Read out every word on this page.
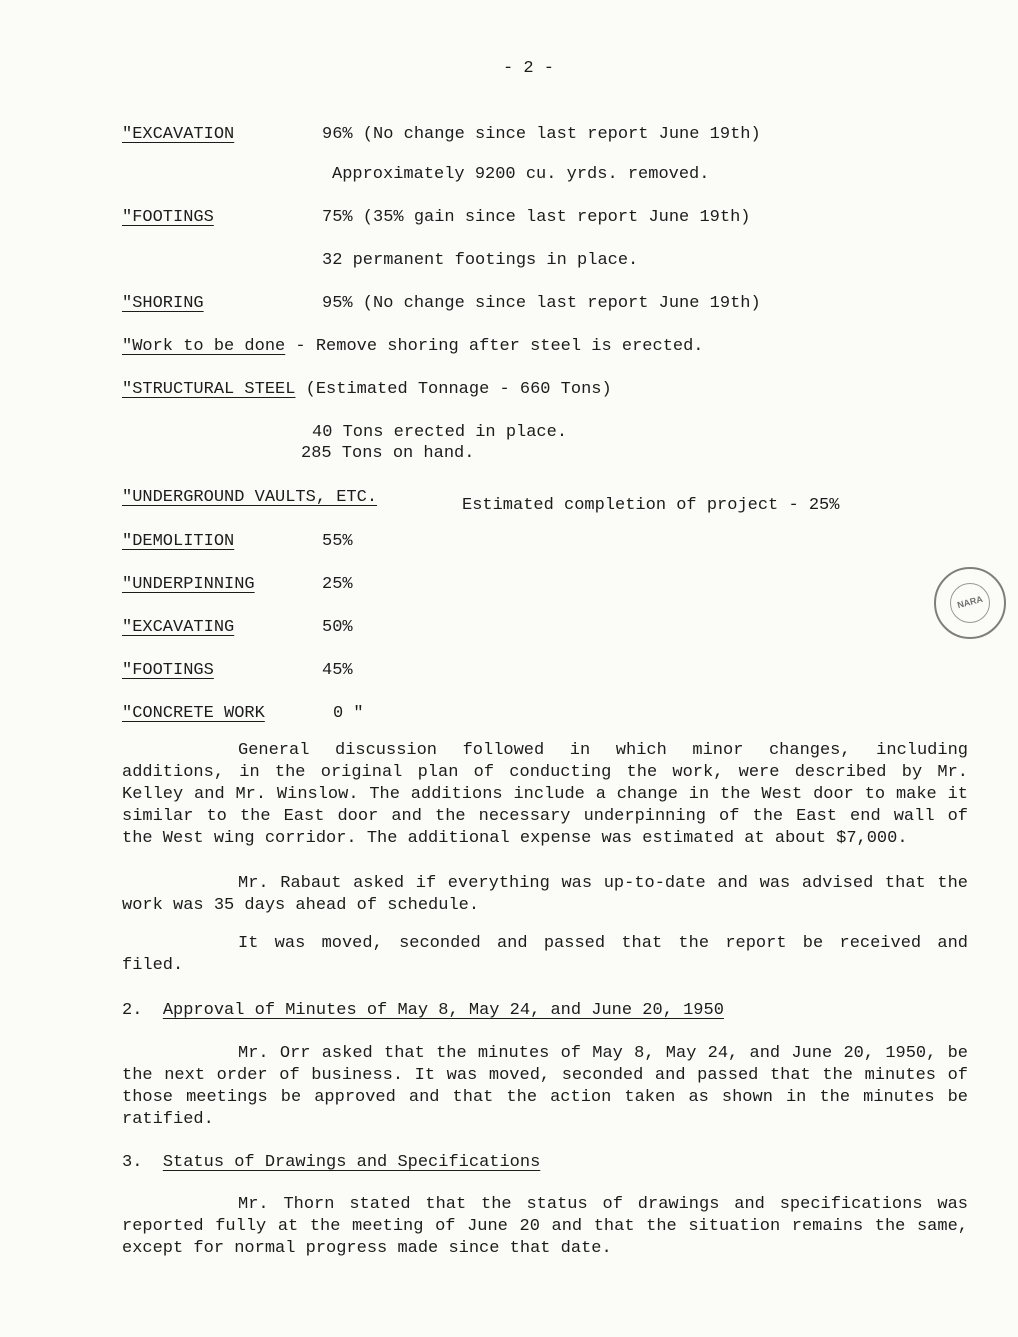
- 2 -
"EXCAVATION	96% (No change since last report June 19th)
Approximately 9200 cu. yrds. removed.
"FOOTINGS	75% (35% gain since last report June 19th)
32 permanent footings in place.
"SHORING	95% (No change since last report June 19th)
"Work to be done - Remove shoring after steel is erected.
"STRUCTURAL STEEL (Estimated Tonnage - 660 Tons)
40 Tons erected in place.
285 Tons on hand.
"UNDERGROUND VAULTS, ETC.	Estimated completion of project - 25%
"DEMOLITION	55%
"UNDERPINNING	25%
"EXCAVATING	50%
"FOOTINGS	45%
"CONCRETE WORK	0 "
General discussion followed in which minor changes, including additions, in the original plan of conducting the work, were described by Mr. Kelley and Mr. Winslow. The additions include a change in the West door to make it similar to the East door and the necessary underpinning of the East end wall of the West wing corridor. The additional expense was estimated at about $7,000.
Mr. Rabaut asked if everything was up-to-date and was advised that the work was 35 days ahead of schedule.
It was moved, seconded and passed that the report be received and filed.
2. Approval of Minutes of May 8, May 24, and June 20, 1950
Mr. Orr asked that the minutes of May 8, May 24, and June 20, 1950, be the next order of business. It was moved, seconded and passed that the minutes of those meetings be approved and that the action taken as shown in the minutes be ratified.
3. Status of Drawings and Specifications
Mr. Thorn stated that the status of drawings and specifications was reported fully at the meeting of June 20 and that the situation remains the same, except for normal progress made since that date.
NARA
